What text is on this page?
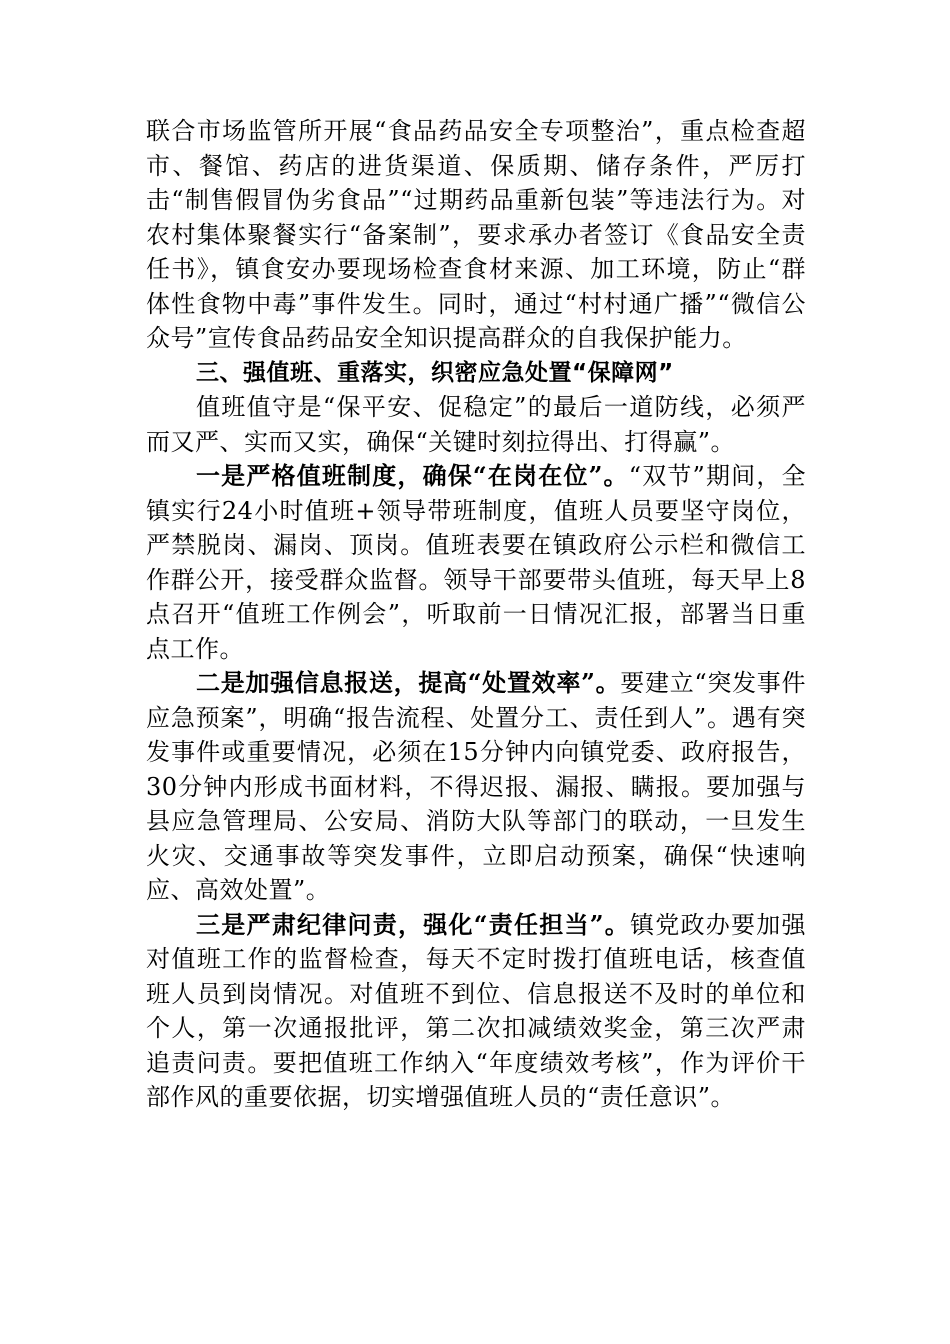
联合市场监管所开展“食品药品安全专项整治”，重点检查超市、餐馆、药店的进货渠道、保质期、储存条件，严厉打击“制售假冒伪劣食品”“过期药品重新包装”等违法行为。对农村集体聚餐实行“备案制”，要求承办者签订《食品安全责任书》，镇食安办要现场检查食材来源、加工环境，防止“群体性食物中毒”事件发生。同时，通过“村村通广播”“微信公众号”宣传食品药品安全知识提高群众的自我保护能力。

三、强值班、重落实，织密应急处置“保障网”

值班值守是“保平安、促稳定”的最后一道防线，必须严而又严、实而又实，确保“关键时刻拉得出、打得赢”。

一是严格值班制度，确保“在岗在位”。“双节”期间，全镇实行24小时值班+领导带班制度，值班人员要坚守岗位，严禁脱岗、漏岗、顶岗。值班表要在镇政府公示栏和微信工作群公开，接受群众监督。领导干部要带头值班，每天早上8点召开“值班工作例会”，听取前一日情况汇报，部署当日重点工作。

二是加强信息报送，提高“处置效率”。要建立“突发事件应急预案”，明确“报告流程、处置分工、责任到人”。遇有突发事件或重要情况，必须在15分钟内向镇党委、政府报告，30分钟内形成书面材料，不得迟报、漏报、瞒报。要加强与县应急管理局、公安局、消防大队等部门的联动，一旦发生火灾、交通事故等突发事件，立即启动预案，确保“快速响应、高效处置”。

三是严肃纪律问责，强化“责任担当”。镇党政办要加强对值班工作的监督检查，每天不定时拨打值班电话，核查值班人员到岗情况。对值班不到位、信息报送不及时的单位和个人，第一次通报批评，第二次扣减绩效奖金，第三次严肃追责问责。要把值班工作纳入“年度绩效考核”，作为评价干部作风的重要依据，切实增强值班人员的“责任意识”。
